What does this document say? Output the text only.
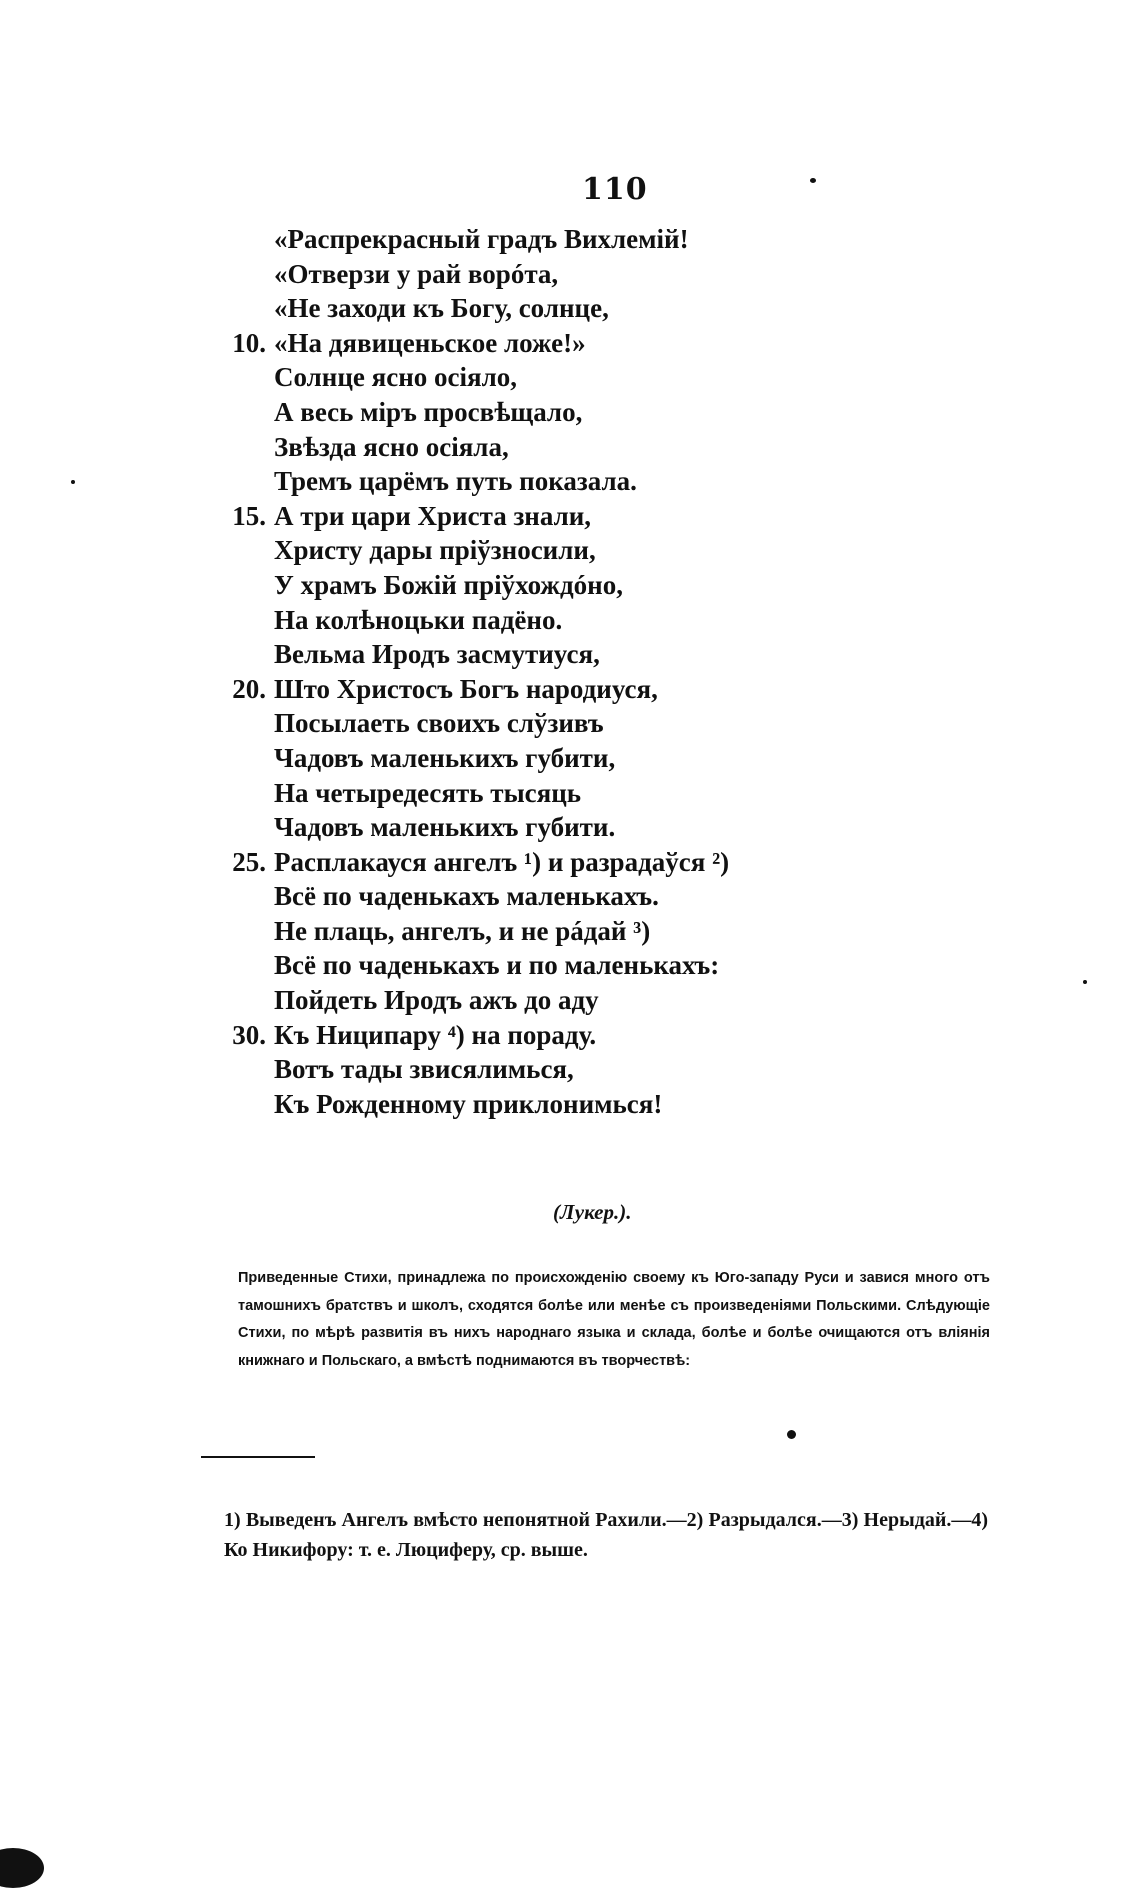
110
«Распрекрасный градъ Вихлемій!
«Отверзи у рай ворóта,
«Не заходи къ Богу, солнце,
10. «На дявиценьское ложе!»
Солнце ясно осіяло,
А весь міръ просвѣщало,
Звѣзда ясно осіяла,
Тремъ царёмъ путь показала.
15. А три цари Христа знали,
Христу дары пріўзносили,
У храмъ Божій пріўхождóно,
На колѣноцьки падёно.
Вельма Иродъ засмутиуся,
20. Што Христосъ Богъ народиуся,
Посылаеть своихъ слўзивъ
Чадовъ маленькихъ губити,
На четыредесять тысяць
Чадовъ маленькихъ губити.
25. Расплакауся ангелъ ¹) и разрадаўся ²)
Всё по чаденькахъ маленькахъ.
Не плаць, ангелъ, и не páдай ³)
Всё по чаденькахъ и по маленькахъ:
Пойдеть Иродъ ажъ до аду
30. Къ Ниципару ⁴) на пораду.
Вотъ тады звисялимься,
Къ Рожденному приклонимься!
(Лукер.).
Приведенные Стихи, принадлежа по происхожденію своему къ Юго-западу Руси и завися много отъ тамошнихъ братствъ и школъ, сходятся болѣе или менѣе съ произведеніями Польскими. Слѣдующіе Стихи, по мѣрѣ развитія въ нихъ народнаго языка и склада, болѣе и болѣе очищаются отъ вліянія книжнаго и Польскаго, а вмѣстѣ поднимаются въ творчествѣ:
1) Выведенъ Ангелъ вмѣсто непонятной Рахили.—2) Разрыдался.—3) Нерыдай.—4) Ко Никифору: т. е. Люциферу, ср. выше.
